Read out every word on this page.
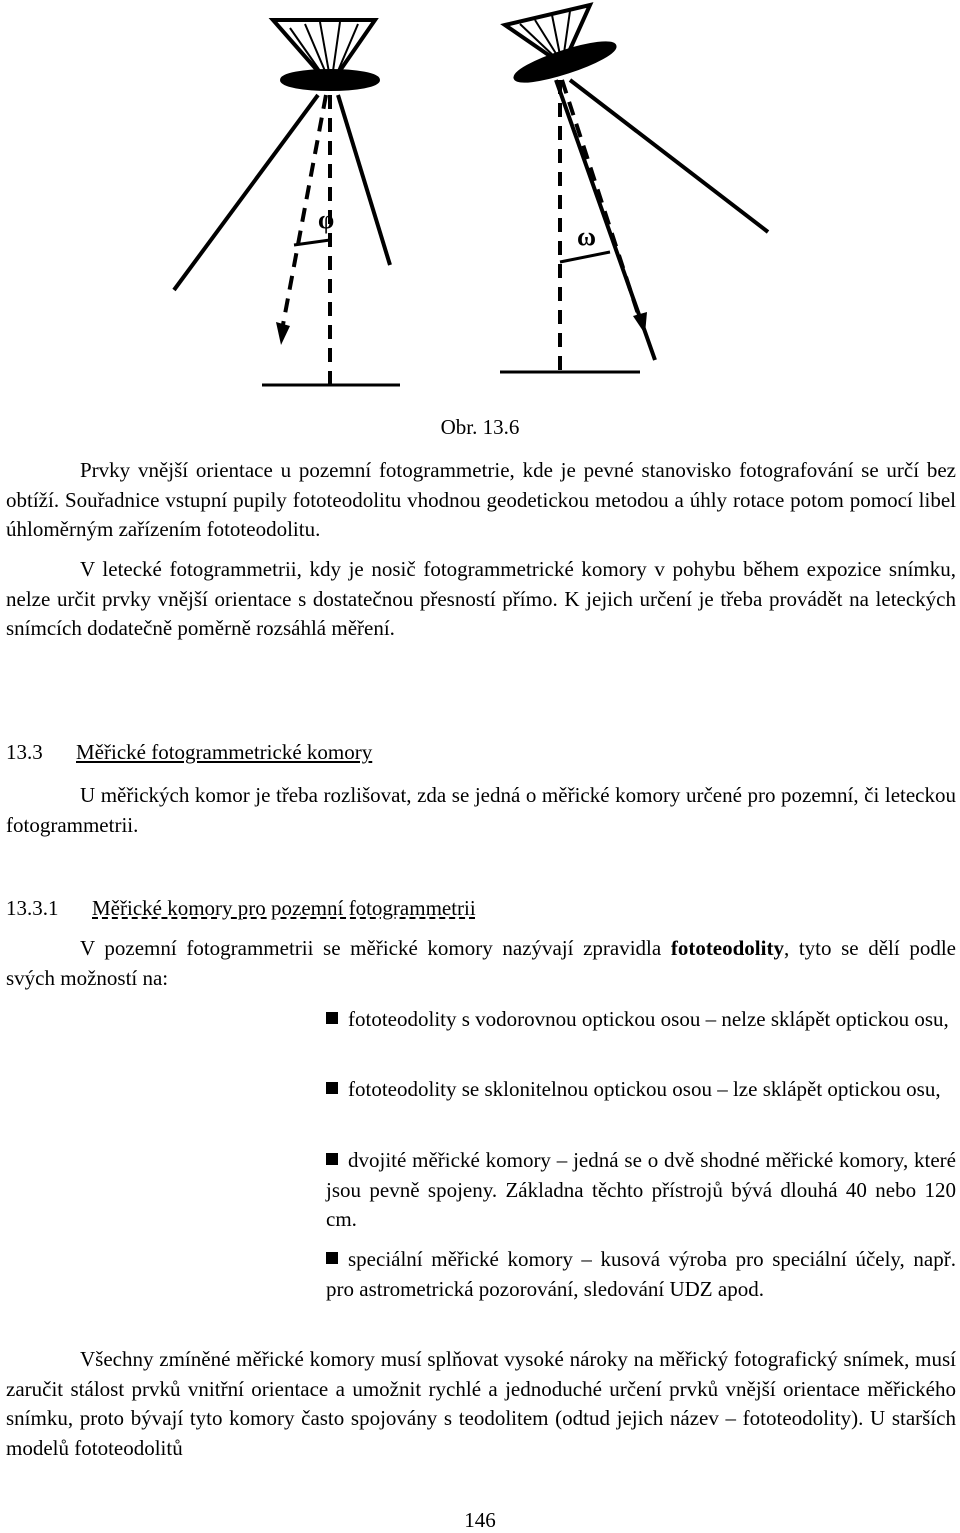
φ
ω
Obr. 13.6

Prvky vnější orientace u pozemní fotogrammetrie, kde je pevné stanovisko fotografování se určí bez obtíží. Souřadnice vstupní pupily fototeodolitu vhodnou geodetickou metodou a úhly rotace potom pomocí libel úhloměrným zařízením fototeodolitu.

V letecké fotogrammetrii, kdy je nosič fotogrammetrické komory v pohybu během expozice snímku, nelze určit prvky vnější orientace s dostatečnou přesností přímo. K jejich určení je třeba provádět na leteckých snímcích dodatečně poměrně rozsáhlá měření.

13.3 Měřické fotogrammetrické komory

U měřických komor je třeba rozlišovat, zda se jedná o měřické komory určené pro pozemní, či leteckou fotogrammetrii.

13.3.1 Měřické komory pro pozemní fotogrammetrii

V pozemní fotogrammetrii se měřické komory nazývají zpravidla fototeodolity, tyto se dělí podle svých možností na:

fototeodolity s vodorovnou optickou osou – nelze sklápět optickou osu,

fototeodolity se sklonitelnou optickou osou – lze sklápět optickou osu,

dvojité měřické komory – jedná se o dvě shodné měřické komory, které jsou pevně spojeny. Základna těchto přístrojů bývá dlouhá 40 nebo 120 cm.

speciální měřické komory – kusová výroba pro speciální účely, např. pro astrometrická pozorování, sledování UDZ apod.

Všechny zmíněné měřické komory musí splňovat vysoké nároky na měřický fotografický snímek, musí zaručit stálost prvků vnitřní orientace a umožnit rychlé a jednoduché určení prvků vnější orientace měřického snímku, proto bývají tyto komory často spojovány s teodolitem (odtud jejich název – fototeodolity). U starších modelů fototeodolitů

146
